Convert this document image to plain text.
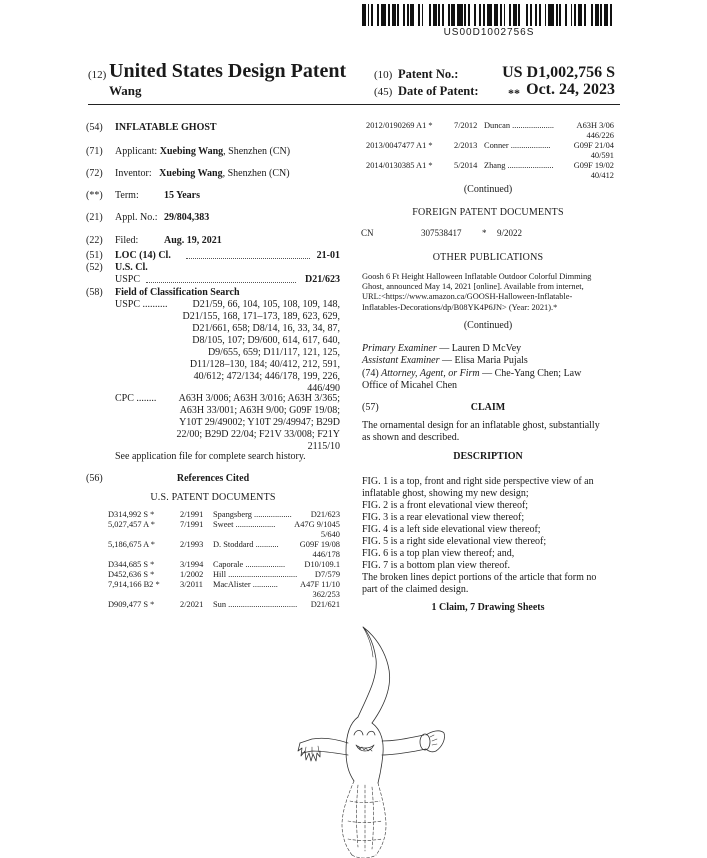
US00D1002756S
(12) United States Design Patent
Wang
(10) Patent No.:	US D1,002,756 S
(45) Date of Patent: ** Oct. 24, 2023
(54)	INFLATABLE GHOST
(71)	Applicant: Xuebing Wang, Shenzhen (CN)
(72)	Inventor: Xuebing Wang, Shenzhen (CN)
(**)	Term:	15 Years
(21)	Appl. No.: 29/804,383
(22)	Filed:	Aug. 19, 2021
(51)	LOC (14) Cl.	21-01
(52)	U.S. Cl.
USPC	D21/623
(58)	Field of Classification Search
USPC ..........	D21/59, 66, 104, 105, 108, 109, 148,
D21/155, 168, 171–173, 189, 623, 629,
D21/661, 658; D8/14, 16, 33, 34, 87,
D8/105, 107; D9/600, 614, 617, 640,
D9/655, 659; D11/117, 121, 125,
D11/128–130, 184; 40/412, 212, 591,
40/612; 472/134; 446/178, 199, 226,
446/490
CPC ........	A63H 3/006; A63H 3/016; A63H 3/365;
A63H 33/001; A63H 9/00; G09F 19/08;
Y10T 29/49002; Y10T 29/49947; B29D
22/00; B29D 22/04; F21V 33/008; F21Y
2115/10
See application file for complete search history.
(56)	References Cited
U.S. PATENT DOCUMENTS
D314,992 S *	2/1991 Spangsberg ..................	D21/623
5,027,457 A *	7/1991 Sweet ...................	A47G 9/1045
5/640
5,186,675 A *	2/1993 D. Stoddard ...........	G09F 19/08
446/178
D344,685 S *	3/1994 Caporale ...................	D10/109.1
D452,636 S *	1/2002 Hill .................................	D7/579
7,914,166 B2 * 3/2011 MacAlister ............	A47F 11/10
362/253
D909,477 S *	2/2021 Sun .................................	D21/621
2012/0190269 A1 *	7/2012 Duncan ....................	A63H 3/06
446/226
2013/0047477 A1 *	2/2013 Conner ...................	G09F 21/04
40/591
2014/0130385 A1 *	5/2014 Zhang ......................	G09F 19/02
40/412
(Continued)
FOREIGN PATENT DOCUMENTS
CN	307538417 * 9/2022
OTHER PUBLICATIONS
Goosh 6 Ft Height Halloween Inflatable Outdoor Colorful Dimming
Ghost, announced May 14, 2021 [online]. Available from internet,
URL:<https://www.amazon.ca/GOOSH-Halloween-Inflatable-
Inflatables-Decorations/dp/B08YK4P6JN> (Year: 2021).*
(Continued)
Primary Examiner — Lauren D McVey
Assistant Examiner — Elisa Maria Pujals
(74) Attorney, Agent, or Firm — Che-Yang Chen; Law
Office of Micahel Chen
(57)	CLAIM
The ornamental design for an inflatable ghost, substantially
as shown and described.
DESCRIPTION
FIG. 1 is a top, front and right side perspective view of an
inflatable ghost, showing my new design;
FIG. 2 is a front elevational view thereof;
FIG. 3 is a rear elevational view thereof;
FIG. 4 is a left side elevational view thereof;
FIG. 5 is a right side elevational view thereof;
FIG. 6 is a top plan view thereof; and,
FIG. 7 is a bottom plan view thereof.
The broken lines depict portions of the article that form no
part of the claimed design.
1 Claim, 7 Drawing Sheets
